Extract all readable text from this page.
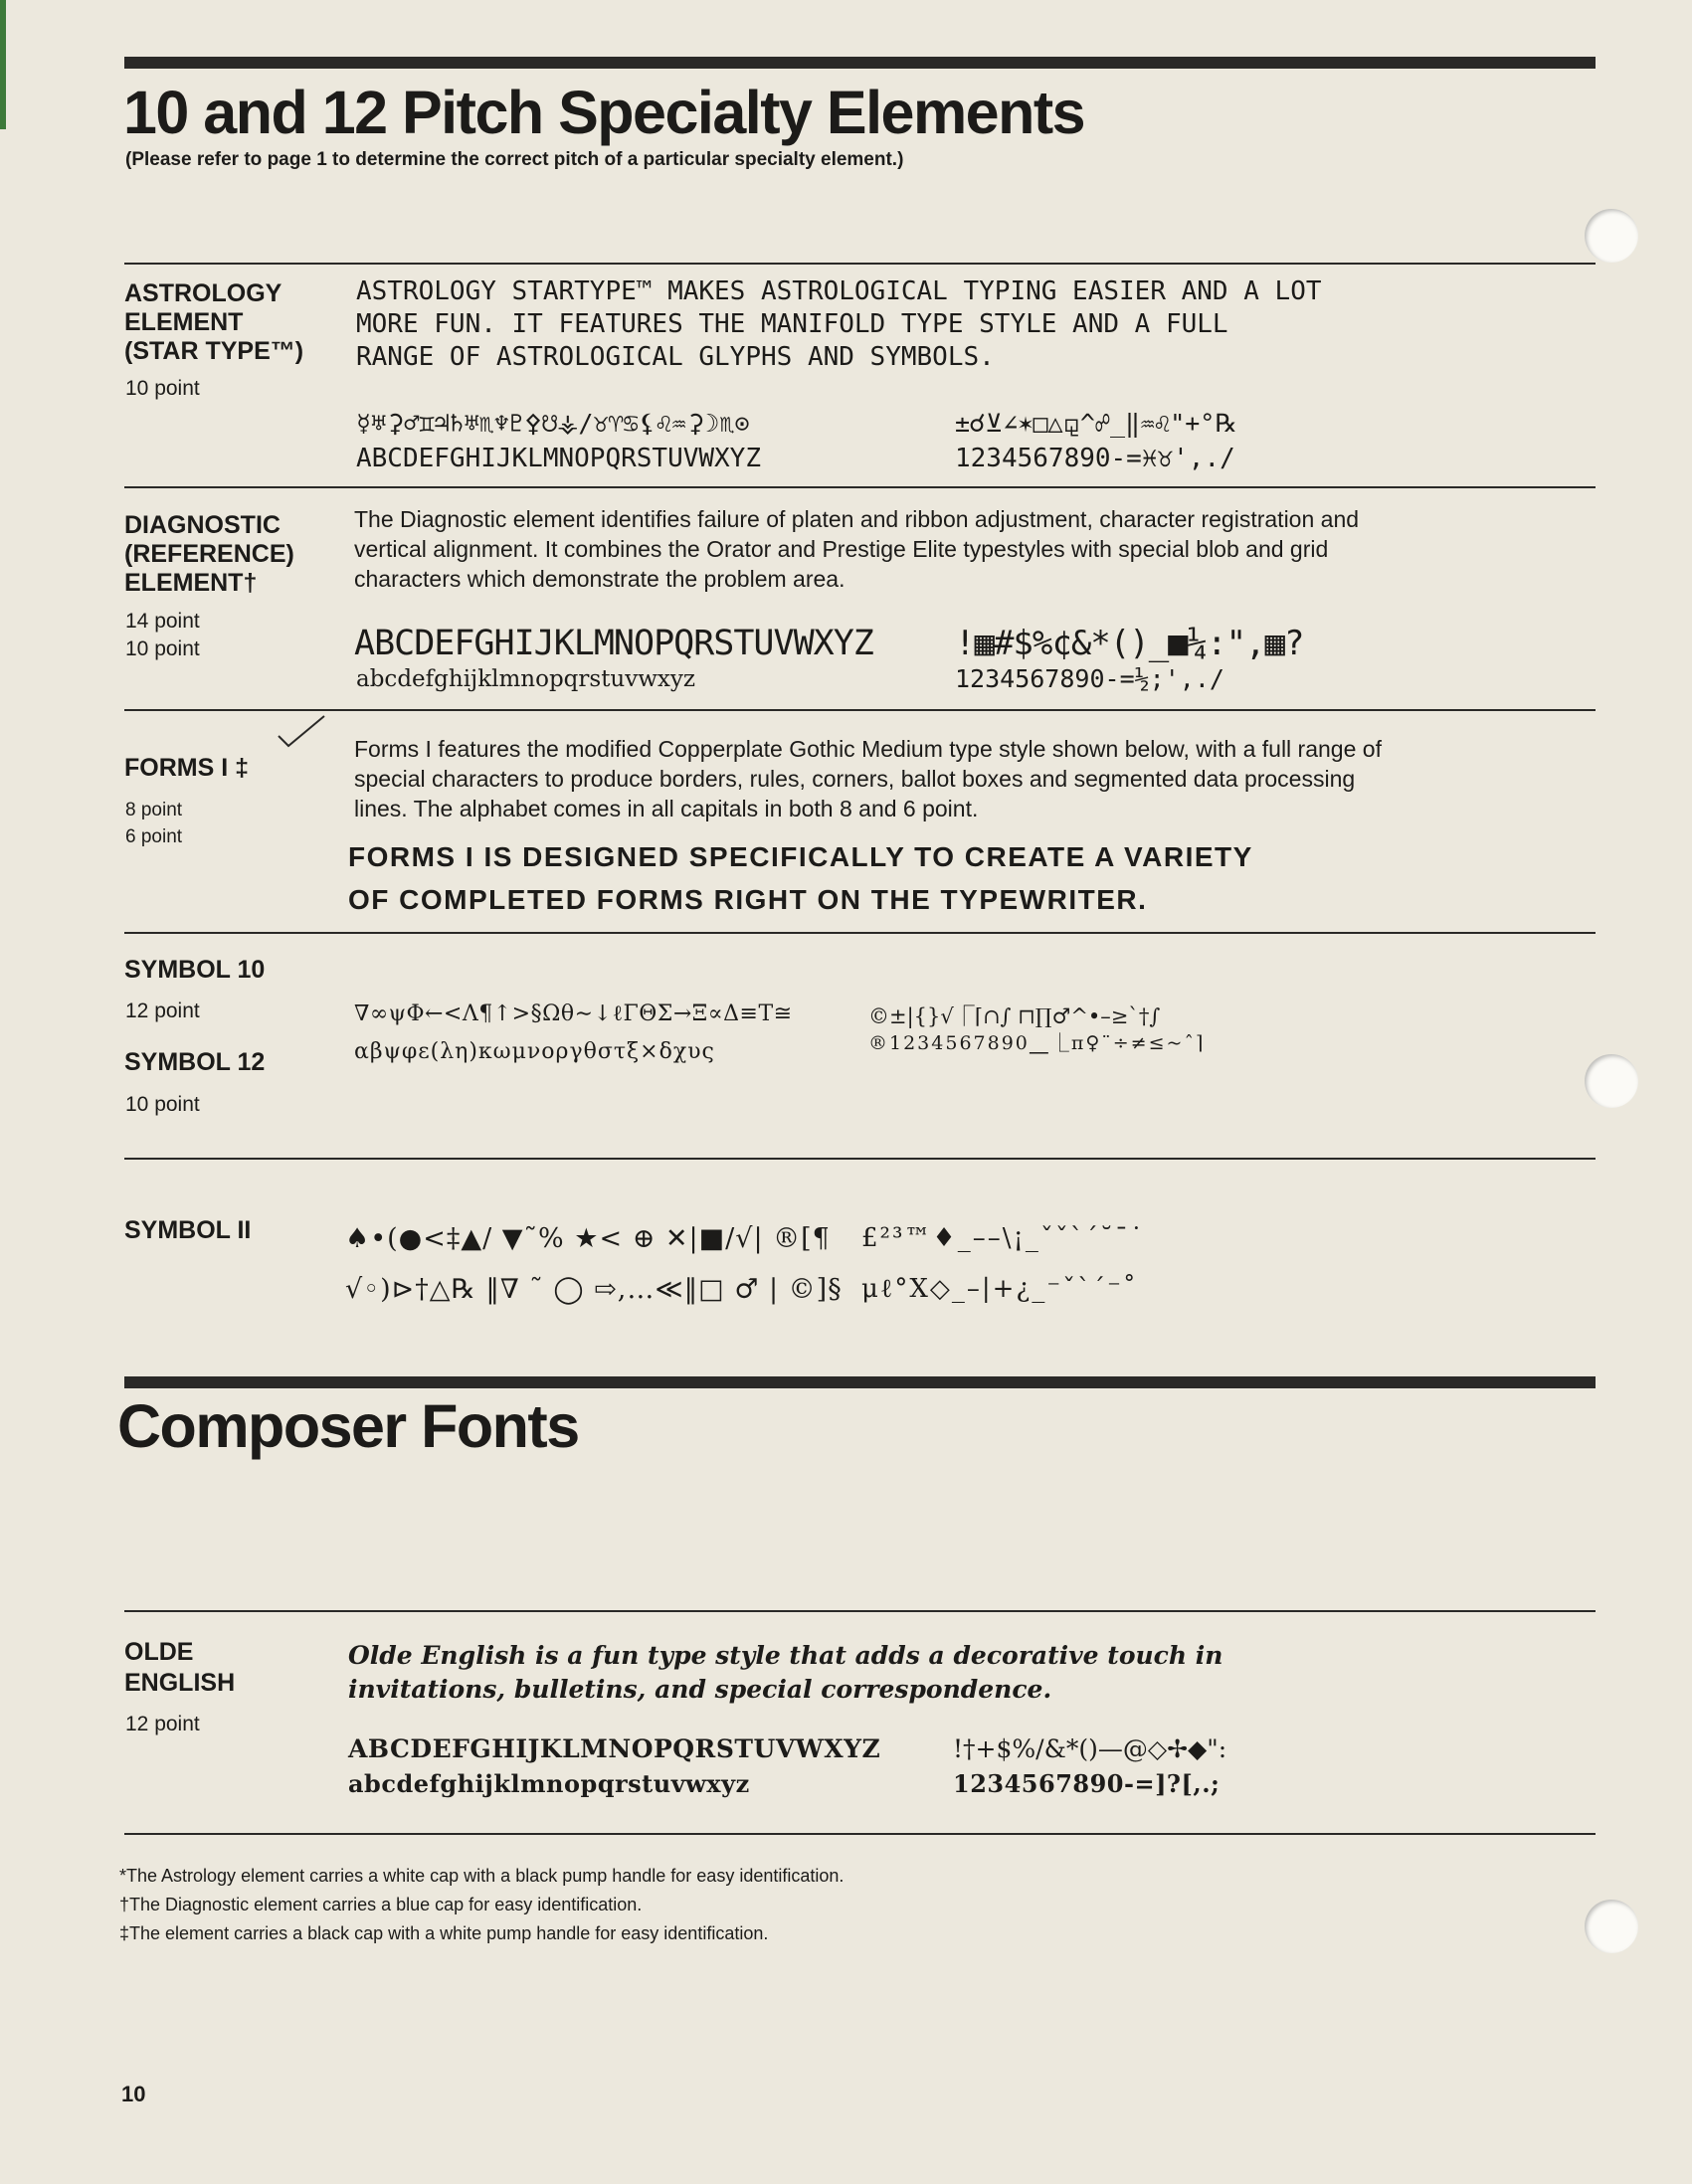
10 and 12 Pitch Specialty Elements
(Please refer to page 1 to determine the correct pitch of a particular specialty element.)
ASTROLOGY
ELEMENT
(STAR TYPE™)
10 point
ASTROLOGY STARTYPE™ MAKES ASTROLOGICAL TYPING EASIER AND A LOT
MORE FUN. IT FEATURES THE MANIFOLD TYPE STYLE AND A FULL
RANGE OF ASTROLOGICAL GLYPHS AND SYMBOLS.
☿♅⚳♂♊♃♄♅♏♆♇⚴☋⚶/♉♈♋⚸♌♒⚳☽♏⊙
ABCDEFGHIJKLMNOPQRSTUVWXYZ
±☌⊻∠✶□△⚼^☍_‖♒♌"+°℞
1234567890-=♓♉',./
DIAGNOSTIC
(REFERENCE)
ELEMENT†
14 point
10 point
The Diagnostic element identifies failure of platen and ribbon adjustment, character registration and
vertical alignment. It combines the Orator and Prestige Elite typestyles with special blob and grid
characters which demonstrate the problem area.
ABCDEFGHIJKLMNOPQRSTUVWXYZ
abcdefghijklmnopqrstuvwxyz
!▦#$%¢&*()_■¼:",▦?
1234567890-=½;',./
FORMS I ‡
8 point
6 point
Forms I features the modified Copperplate Gothic Medium type style shown below, with a full range of
special characters to produce borders, rules, corners, ballot boxes and segmented data processing
lines. The alphabet comes in all capitals in both 8 and 6 point.
FORMS I IS DESIGNED SPECIFICALLY TO CREATE A VARIETY
OF COMPLETED FORMS RIGHT ON THE TYPEWRITER.
SYMBOL 10
12 point
SYMBOL 12
10 point
∇∞ψΦ←<Λ¶↑>§Ωθ∼↓ℓΓΘΣ→Ξ∝Δ≡Τ≅
αβψφε(λη)κωμνοργθστξ×δχυς
©±|{}√⎾⌈∩∫ ⊓∏♂^•–≥`†∫
®1234567890⎽⎿π♀¨÷≠≤~ˆ⌉
SYMBOL II	♠•(●<‡▲/ ▼˜% ★< ⊕ ✕|■/√| ®[¶
√◦)⊳†△℞ ‖∇ ˜ ◯ ⇨,…≪‖□ ♂ | ©]§
£²³™♦_––\¡_ˇˇ`´˘ˉ˙
μℓ°X◇_–|+¿_⁻ˇˋ´⁻˚
Composer Fonts
OLDE
ENGLISH
12 point
Olde English is a fun type style that adds a decorative touch in
invitations, bulletins, and special correspondence.
ABCDEFGHIJKLMNOPQRSTUVWXYZ
abcdefghijklmnopqrstuvwxyz
!†+$%/&*()—@◇✢◆":
1234567890-=]?[,.;
*The Astrology element carries a white cap with a black pump handle for easy identification.
†The Diagnostic element carries a blue cap for easy identification.
‡The element carries a black cap with a white pump handle for easy identification.
10
